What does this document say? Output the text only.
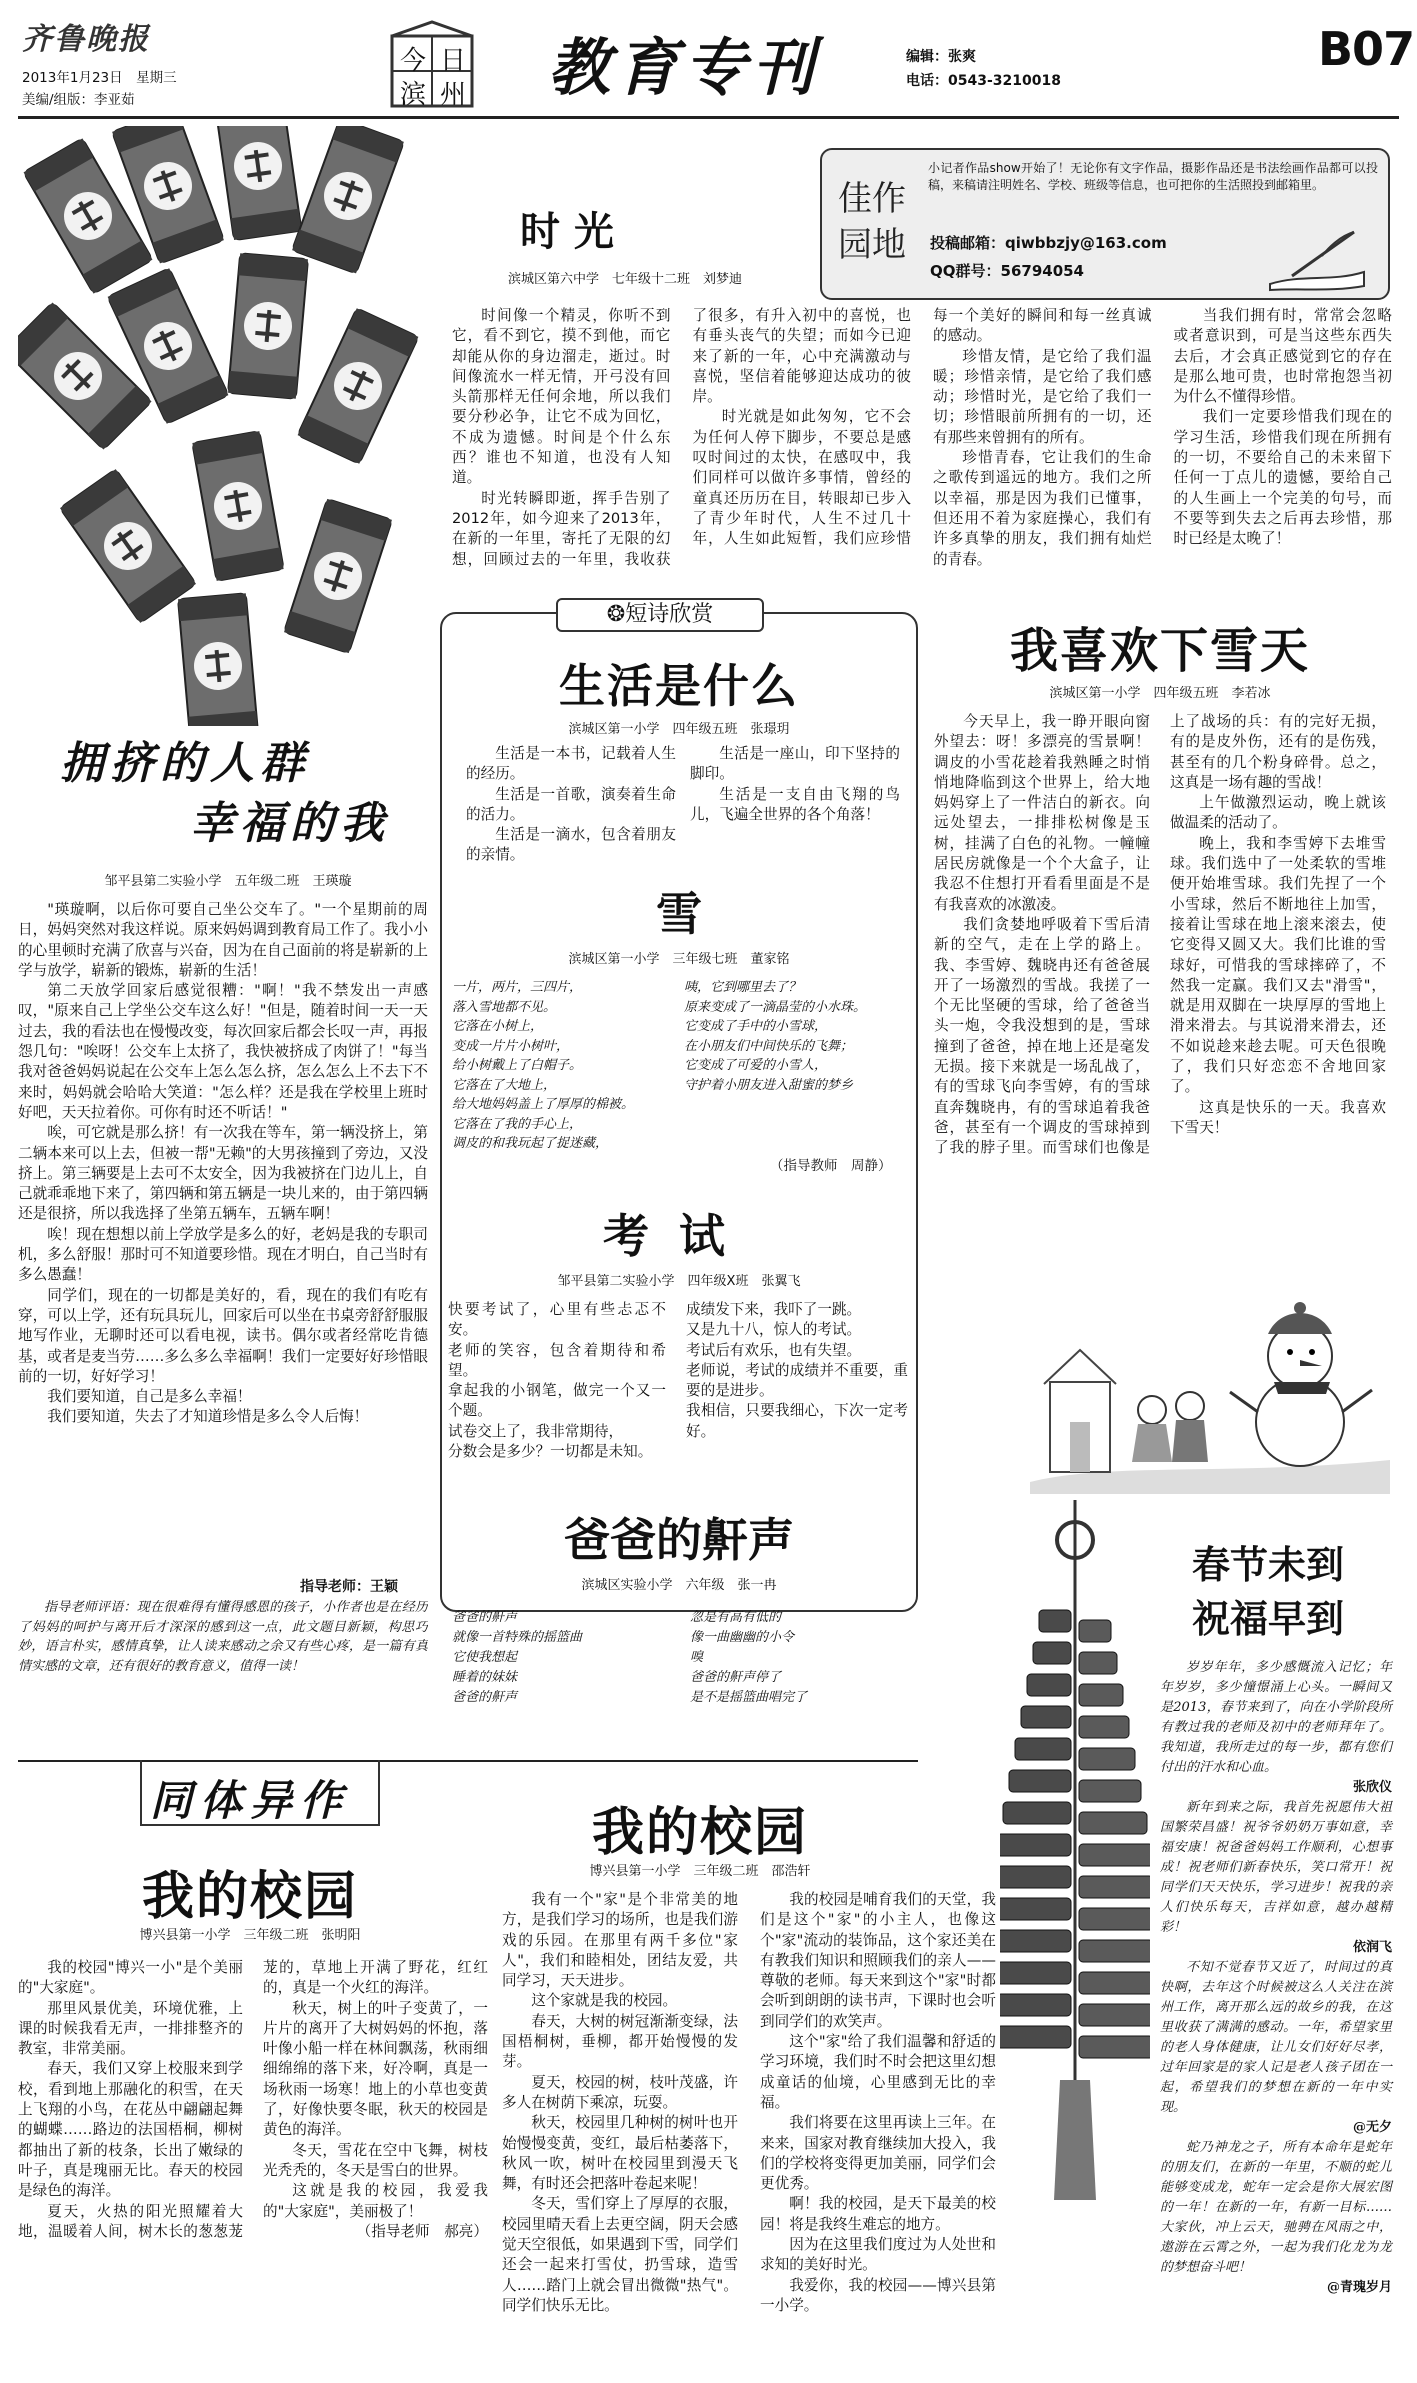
齐鲁晚报
2013年1月23日　星期三
美编/组版：李亚茹
今 日
滨 州 教育专刊	编辑：张爽
电话：0543-3210018
B07
佳作
园地
小记者作品show开始了！无论你有文字作品，摄影作品还是书法绘画作品都可以投稿，来稿请注明姓名、学校、班级等信息，也可把你的生活照投到邮箱里。
投稿邮箱：qiwbbzjy@163.com
QQ群号：56794054
时光
滨城区第六中学　七年级十二班　刘梦迪

时间像一个精灵，你听不到它，看不到它，摸不到他，而它却能从你的身边溜走，逝过。时间像流水一样无情，开弓没有回头箭那样无任何余地，所以我们要分秒必争，让它不成为回忆，不成为遗憾。时间是个什么东西？谁也不知道，也没有人知道。

时光转瞬即逝，挥手告别了2012年，如今迎来了2013年，在新的一年里，寄托了无限的幻想，回顾过去的一年里，我收获了很多，有升入初中的喜悦，也有垂头丧气的失望；而如今已迎来了新的一年，心中充满激动与喜悦，坚信着能够迎达成功的彼岸。

时光就是如此匆匆，它不会为任何人停下脚步，不要总是感叹时间过的太快，在感叹中，我们同样可以做许多事情，曾经的童真还历历在目，转眼却已步入了青少年时代，人生不过几十年，人生如此短暂，我们应珍惜每一个美好的瞬间和每一丝真诚的感动。

珍惜友情，是它给了我们温暖；珍惜亲情，是它给了我们感动；珍惜时光，是它给了我们一切；珍惜眼前所拥有的一切，还有那些来曾拥有的所有。

珍惜青春，它让我们的生命之歌传到遥远的地方。我们之所以幸福，那是因为我们已懂事，但还用不着为家庭操心，我们有许多真挚的朋友，我们拥有灿烂的青春。

当我们拥有时，常常会忽略或者意识到，可是当这些东西失去后，才会真正感觉到它的存在是那么地可贵，也时常抱怨当初为什么不懂得珍惜。

我们一定要珍惜我们现在的学习生活，珍惜我们现在所拥有的一切，不要给自己的未来留下任何一丁点儿的遗憾，要给自己的人生画上一个完美的句号，而不要等到失去之后再去珍惜，那时已经是太晚了！

❂短诗欣赏
生活是什么
滨城区第一小学　四年级五班　张璟玥

生活是一本书，记载着人生的经历。

生活是一首歌，演奏着生命的活力。

生活是一滴水，包含着朋友的亲情。

生活是一座山，印下坚持的脚印。

生活是一支自由飞翔的鸟儿，飞遍全世界的各个角落！

雪
滨城区第一小学　三年级七班　董家铭
一片，两片，三四片，
落入雪地都不见。
它落在小树上，
变成一片片小树叶，
给小树戴上了白帽子。
它落在了大地上，
给大地妈妈盖上了厚厚的棉被。
它落在了我的手心上，
调皮的和我玩起了捉迷藏，
咦，它到哪里去了？
原来变成了一滴晶莹的小水珠。
它变成了手中的小雪球，
在小朋友们中间快乐的飞舞；
它变成了可爱的小雪人，
守护着小朋友进入甜蜜的梦乡
（指导教师　周静）
考试
邹平县第二实验小学　四年级X班　张翼飞

快要考试了，心里有些忐忑不安。

老师的笑容，包含着期待和希望。

拿起我的小钢笔，做完一个又一个题。

试卷交上了，我非常期待，

分数会是多少？一切都是未知。

成绩发下来，我吓了一跳。

又是九十八，惊人的考试。

考试后有欢乐，也有失望。

老师说，考试的成绩并不重要，重要的是进步。

我相信，只要我细心，下次一定考好。

爸爸的鼾声
滨城区实验小学　六年级　张一冉
爸爸的鼾声
就像一首特殊的摇篮曲
它使我想起
睡着的妹妹
爸爸的鼾声
忽是有高有低的
像一曲幽幽的小令
嗅
爸爸的鼾声停了
是不是摇篮曲唱完了
拥挤的人群
幸福的我
邹平县第二实验小学　五年级二班　王瑛璇

"瑛璇啊，以后你可要自己坐公交车了。"一个星期前的周日，妈妈突然对我这样说。原来妈妈调到教育局工作了。我小小的心里顿时充满了欣喜与兴奋，因为在自己面前的将是崭新的上学与放学，崭新的锻炼，崭新的生活！

第二天放学回家后感觉很糟："啊！"我不禁发出一声感叹，"原来自己上学坐公交车这么好！"但是，随着时间一天一天过去，我的看法也在慢慢改变，每次回家后都会长叹一声，再报怨几句："唉呀！公交车上太挤了，我快被挤成了肉饼了！"每当我对爸爸妈妈说起在公交车上怎么怎么挤，怎么怎么上不去下不来时，妈妈就会哈哈大笑道："怎么样？还是我在学校里上班时好吧，天天拉着你。可你有时还不听话！"

唉，可它就是那么挤！有一次我在等车，第一辆没挤上，第二辆本来可以上去，但被一帮"无赖"的大男孩撞到了旁边，又没挤上。第三辆要是上去可不太安全，因为我被挤在门边儿上，自己就乖乖地下来了，第四辆和第五辆是一块儿来的，由于第四辆还是很挤，所以我选择了坐第五辆车，五辆车啊！

唉！现在想想以前上学放学是多么的好，老妈是我的专职司机，多么舒服！那时可不知道要珍惜。现在才明白，自己当时有多么愚蠢！

同学们，现在的一切都是美好的，看，现在的我们有吃有穿，可以上学，还有玩具玩儿，回家后可以坐在书桌旁舒舒服服地写作业，无聊时还可以看电视，读书。偶尔或者经常吃肯德基，或者是麦当劳……多么多么幸福啊！我们一定要好好珍惜眼前的一切，好好学习！

我们要知道，自己是多么幸福！

我们要知道，失去了才知道珍惜是多么令人后悔！

指导老师：王颖
指导老师评语：现在很难得有懂得感恩的孩子，小作者也是在经历了妈妈的呵护与离开后才深深的感到这一点，此文题目新颖，构思巧妙，语言朴实，感情真挚，让人读来感动之余又有些心疼，是一篇有真情实感的文章，还有很好的教育意义，值得一读！
我喜欢下雪天
滨城区第一小学　四年级五班　李若冰

今天早上，我一睁开眼向窗外望去：呀！多漂亮的雪景啊！调皮的小雪花趁着我熟睡之时悄悄地降临到这个世界上，给大地妈妈穿上了一件洁白的新衣。向远处望去，一排排松树像是玉树，挂满了白色的礼物。一幢幢居民房就像是一个个大盒子，让我忍不住想打开看看里面是不是有我喜欢的冰激凌。

我们贪婪地呼吸着下雪后清新的空气，走在上学的路上。我、李雪婷、魏晓冉还有爸爸展开了一场激烈的雪战。我搓了一个无比坚硬的雪球，给了爸爸当头一炮，令我没想到的是，雪球撞到了爸爸，掉在地上还是毫发无损。接下来就是一场乱战了，有的雪球飞向李雪婷，有的雪球直奔魏晓冉，有的雪球追着我爸爸，甚至有一个调皮的雪球掉到了我的脖子里。而雪球们也像是上了战场的兵：有的完好无损，有的是皮外伤，还有的是伤残，甚至有的几个粉身碎骨。总之，这真是一场有趣的雪战！

上午做激烈运动，晚上就该做温柔的活动了。

晚上，我和李雪婷下去堆雪球。我们选中了一处柔软的雪堆便开始堆雪球。我们先捏了一个小雪球，然后不断地往上加雪，接着让雪球在地上滚来滚去，使它变得又圆又大。我们比谁的雪球好，可惜我的雪球摔碎了，不然我一定赢。我们又去"滑雪"，就是用双脚在一块厚厚的雪地上滑来滑去。与其说滑来滑去，还不如说趁来趁去呢。可天色很晚了，我们只好恋恋不舍地回家了。

这真是快乐的一天。我喜欢下雪天！

同体异作
我的校园
博兴县第一小学　三年级二班　张明阳

我的校园"博兴一小"是个美丽的"大家庭"。

那里风景优美，环境优雅，上课的时候我看无声，一排排整齐的教室，非常美丽。

春天，我们又穿上校服来到学校，看到地上那融化的积雪，在天上飞翔的小鸟，在花丛中翩翩起舞的蝴蝶……路边的法国梧桐，柳树都抽出了新的枝条，长出了嫩绿的叶子，真是瑰丽无比。春天的校园是绿色的海洋。

夏天，火热的阳光照耀着大地，温暖着人间，树木长的葱葱茏茏的，草地上开满了野花，红红的，真是一个火红的海洋。

秋天，树上的叶子变黄了，一片片的离开了大树妈妈的怀抱，落叶像小船一样在林间飘荡，秋雨细细绵绵的落下来，好冷啊，真是一场秋雨一场寒！地上的小草也变黄了，好像快要冬眠，秋天的校园是黄色的海洋。

冬天，雪花在空中飞舞，树枝光秃秃的，冬天是雪白的世界。

这就是我的校园，我爱我的"大家庭"，美丽极了！

（指导老师　郝亮）

我的校园
博兴县第一小学　三年级二班　邵浩轩

我有一个"家"是个非常美的地方，是我们学习的场所，也是我们游戏的乐园。在那里有两千多位"家人"，我们和睦相处，团结友爱，共同学习，天天进步。

这个家就是我的校园。

春天，大树的树冠渐渐变绿，法国梧桐树，垂柳，都开始慢慢的发芽。

夏天，校园的树，枝叶茂盛，许多人在树荫下乘凉，玩耍。

秋天，校园里几种树的树叶也开始慢慢变黄，变红，最后枯萎落下，秋风一吹，树叶在校园里到漫天飞舞，有时还会把落叶卷起来呢！

冬天，雪们穿上了厚厚的衣服，校园里晴天看上去更空阔，阴天会感觉天空很低，如果遇到下雪，同学们还会一起来打雪仗，扔雪球，造雪人……踏门上就会冒出微微"热气"。同学们快乐无比。

我的校园是哺育我们的天堂，我们是这个"家"的小主人，也像这个"家"流动的装饰品，这个家还美在有教我们知识和照顾我们的亲人——尊敬的老师。每天来到这个"家"时都会听到朗朗的读书声，下课时也会听到同学们的欢笑声。

这个"家"给了我们温馨和舒适的学习环境，我们时不时会把这里幻想成童话的仙境，心里感到无比的幸福。

我们将要在这里再读上三年。在来来，国家对教育继续加大投入，我们的学校将变得更加美丽，同学们会更优秀。

啊！我的校园，是天下最美的校园！将是我终生难忘的地方。

因为在这里我们度过为人处世和求知的美好时光。

我爱你，我的校园——博兴县第一小学。

春节未到
祝福早到

岁岁年年，多少感慨流入记忆；年年岁岁，多少憧憬涌上心头。一瞬间又是2013，春节来到了，向在小学阶段所有教过我的老师及初中的老师拜年了。我知道，我所走过的每一步，都有您们付出的汗水和心血。

张欣仪

新年到来之际，我首先祝愿伟大祖国繁荣昌盛！祝爷爷奶奶万事如意，幸福安康！祝爸爸妈妈工作顺利，心想事成！祝老师们新春快乐，笑口常开！祝同学们天天快乐，学习进步！祝我的亲人们快乐每天，吉祥如意，越办越精彩！

依润飞

不知不觉春节又近了，时间过的真快啊，去年这个时候被这么人关注在滨州工作，离开那么远的故乡的我，在这里收获了满满的感动。一年，希望家里的老人身体健康，让儿女们好好尽孝，过年回家是的家人记是老人孩子团在一起，希望我们的梦想在新的一年中实现。

@无夕

蛇乃神龙之子，所有本命年是蛇年的朋友们，在新的一年里，不顺的蛇儿能够变成龙，蛇年一定会是你大展宏图的一年！在新的一年，有新一目标……大家伙，冲上云天，驰骋在风雨之中，遨游在云霄之外，一起为我们化龙为龙的梦想奋斗吧！

@青瑰岁月
